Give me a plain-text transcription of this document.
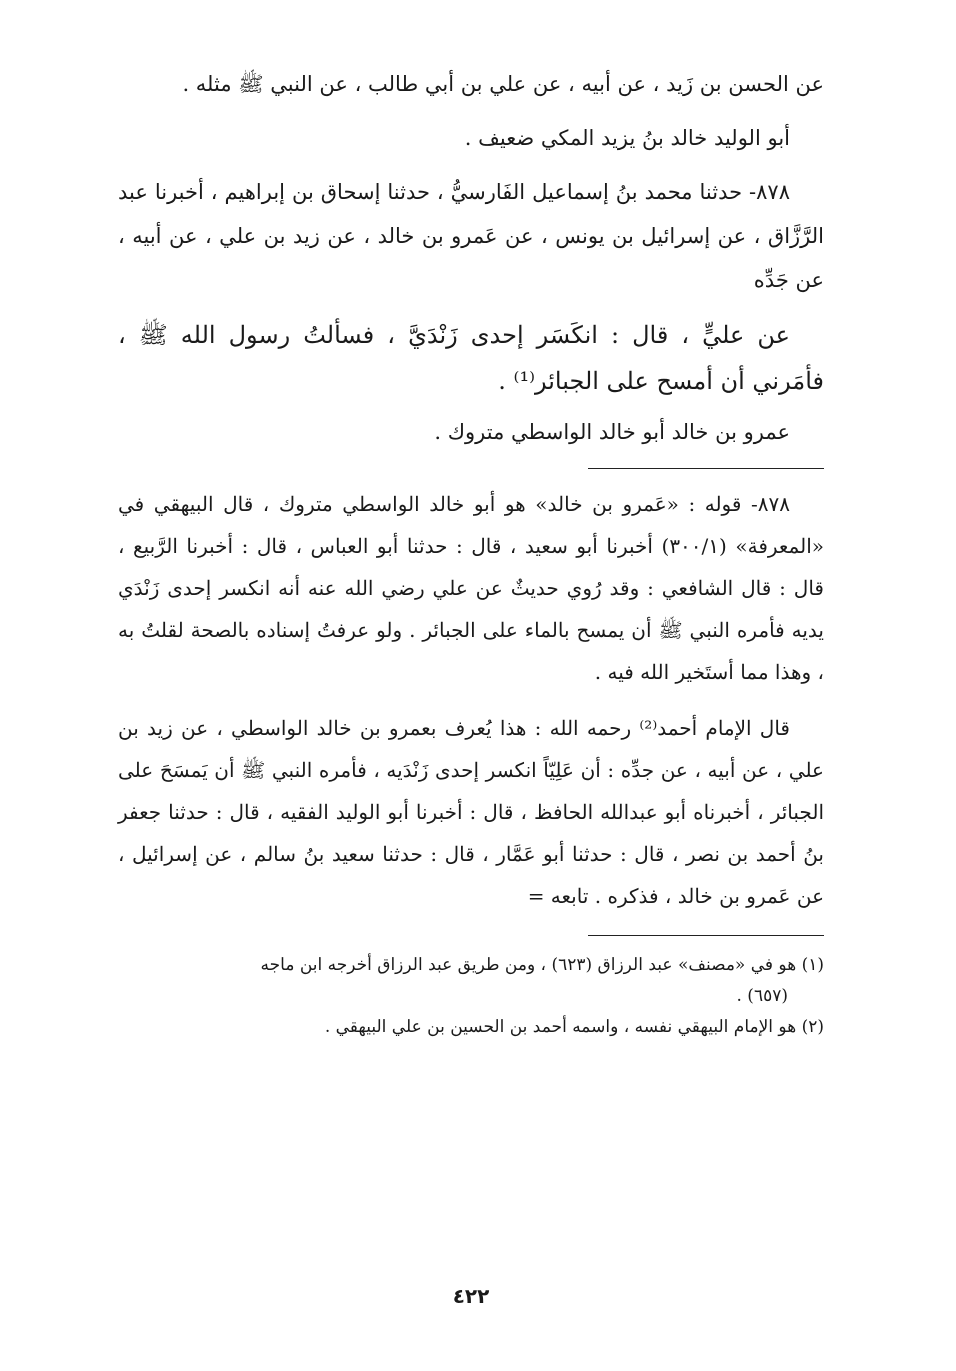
عن الحسن بن زَيد ، عن أبيه ، عن علي بن أبي طالب ، عن النبي ﷺ مثله .

أبو الوليد خالد بنُ يزيد المكي ضعيف .

٨٧٨- حدثنا محمد بنُ إسماعيل الفَارسيُّ ، حدثنا إسحاق بن إبراهيم ، أخبرنا عبد الرَّزَّاق ، عن إسرائيل بن يونس ، عن عَمرو بن خالد ، عن زيد بن علي ، عن أبيه ، عن جَدِّه

عن عليٍّ ، قال : انكَسَر إحدى زَنْدَيَّ ، فسألتُ رسول الله ﷺ ، فأمَرني أن أمسح على الجبائر⁽¹⁾ .

عمرو بن خالد أبو خالد الواسطي متروك .

٨٧٨- قوله : «عَمرو بن خالد» هو أبو خالد الواسطي متروك ، قال البيهقي في «المعرفة» (٣٠٠/١) أخبرنا أبو سعيد ، قال : حدثنا أبو العباس ، قال : أخبرنا الرَّبيع ، قال : قال الشافعي : وقد رُوي حديثٌ عن علي رضي الله عنه أنه انكسر إحدى زَنْدَي يديه فأمره النبي ﷺ أن يمسح بالماء على الجبائر . ولو عرفتُ إسناده بالصحة لقلتُ به ، وهذا مما أستَخير الله فيه .

قال الإمام أحمد⁽²⁾ رحمه الله : هذا يُعرف بعمرو بن خالد الواسطي ، عن زيد بن علي ، عن أبيه ، عن جدِّه : أن عَلِيّاً انكسر إحدى زَنْدَيه ، فأمره النبي ﷺ أن يَمسَحَ على الجبائر ، أخبرناه أبو عبدالله الحافظ ، قال : أخبرنا أبو الوليد الفقيه ، قال : حدثنا جعفر بنُ أحمد بن نصر ، قال : حدثنا أبو عَمَّار ، قال : حدثنا سعيد بنُ سالم ، عن إسرائيل ، عن عَمرو بن خالد ، فذكره . تابعه =

(١) هو في «مصنف» عبد الرزاق (٦٢٣) ، ومن طريق عبد الرزاق أخرجه ابن ماجه

(٦٥٧) .

(٢) هو الإمام البيهقي نفسه ، واسمه أحمد بن الحسين بن علي البيهقي .

٤٢٢
